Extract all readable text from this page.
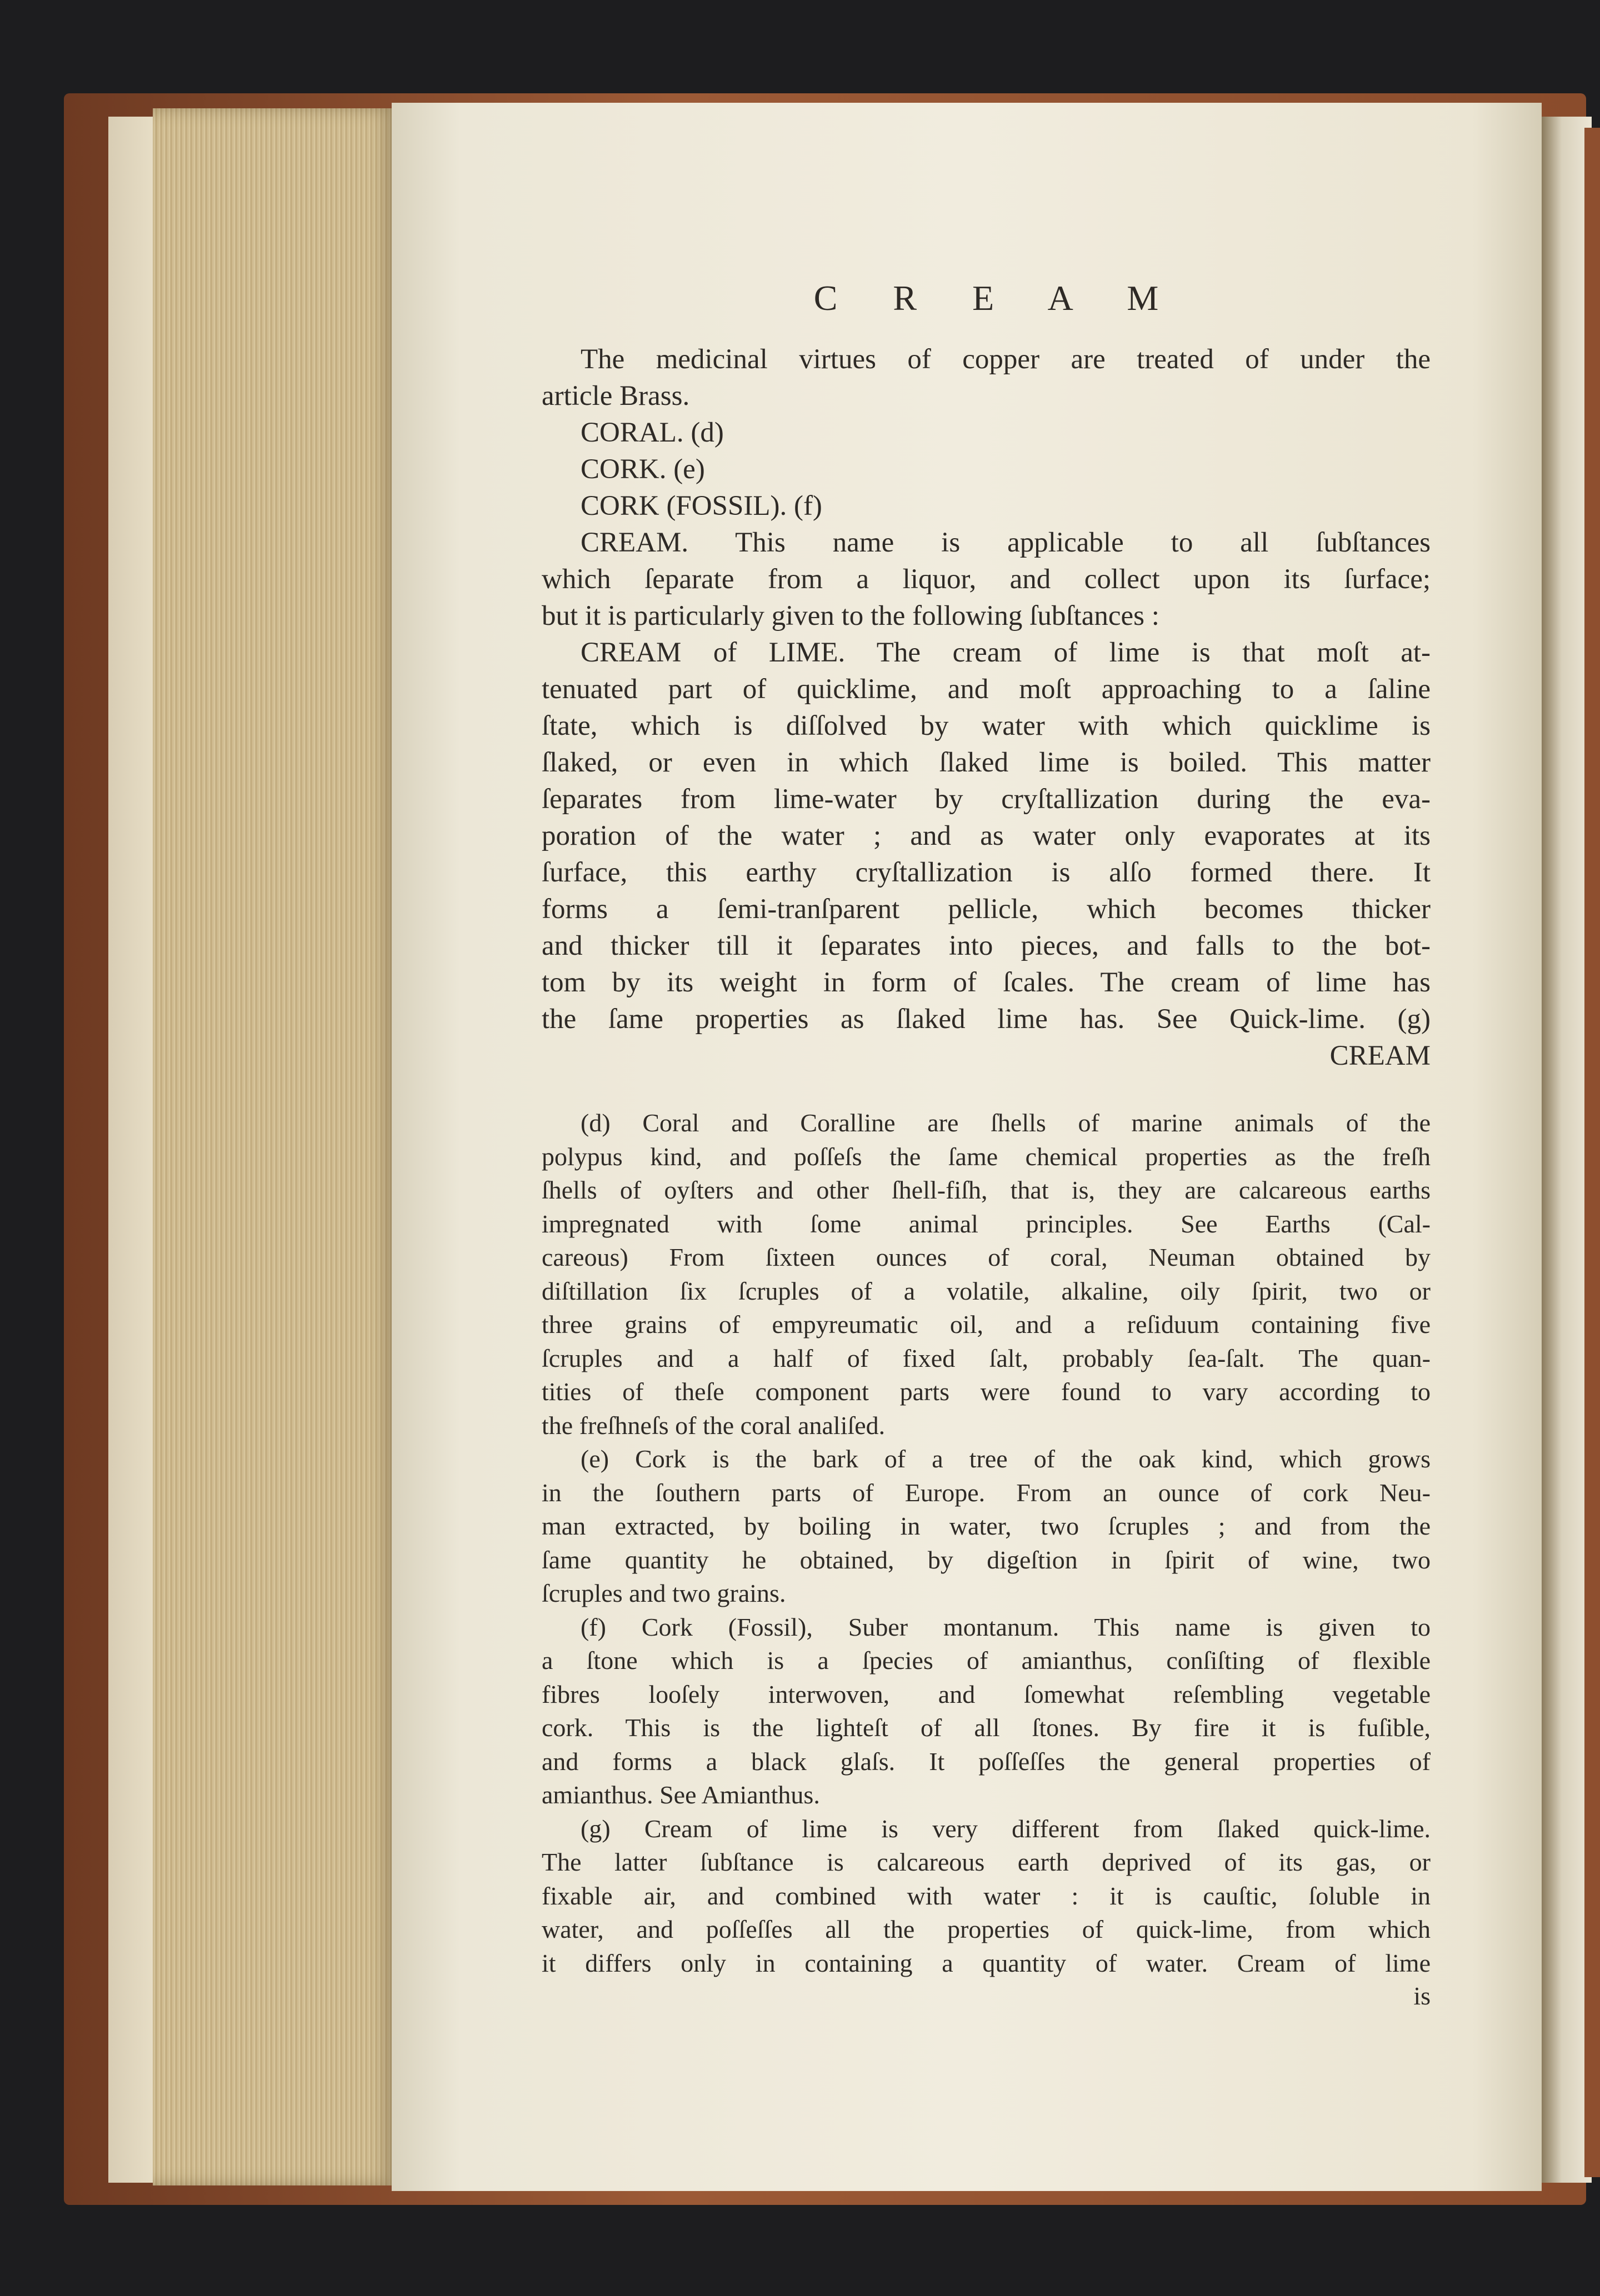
C R E A M
The medicinal virtues of copper are treated of under the
article Brass.
CORAL. (d)
CORK. (e)
CORK (FOSSIL). (f)
CREAM. This name is applicable to all ſubſtances
which ſeparate from a liquor, and collect upon its ſurface;
but it is particularly given to the following ſubſtances :
CREAM of LIME. The cream of lime is that moſt at-
tenuated part of quicklime, and moſt approaching to a ſaline
ſtate, which is diſſolved by water with which quicklime is
ſlaked, or even in which ſlaked lime is boiled. This matter
ſeparates from lime-water by cryſtallization during the eva-
poration of the water ; and as water only evaporates at its
ſurface, this earthy cryſtallization is alſo formed there. It
forms a ſemi-tranſparent pellicle, which becomes thicker
and thicker till it ſeparates into pieces, and falls to the bot-
tom by its weight in form of ſcales. The cream of lime has
the ſame properties as ſlaked lime has. See Quick-lime. (g)
CREAM
(d) Coral and Coralline are ſhells of marine animals of the
polypus kind, and poſſeſs the ſame chemical properties as the freſh
ſhells of oyſters and other ſhell-fiſh, that is, they are calcareous earths
impregnated with ſome animal principles. See Earths (Cal-
careous) From ſixteen ounces of coral, Neuman obtained by
diſtillation ſix ſcruples of a volatile, alkaline, oily ſpirit, two or
three grains of empyreumatic oil, and a reſiduum containing five
ſcruples and a half of fixed ſalt, probably ſea-ſalt. The quan-
tities of theſe component parts were found to vary according to
the freſhneſs of the coral analiſed.
(e) Cork is the bark of a tree of the oak kind, which grows
in the ſouthern parts of Europe. From an ounce of cork Neu-
man extracted, by boiling in water, two ſcruples ; and from the
ſame quantity he obtained, by digeſtion in ſpirit of wine, two
ſcruples and two grains.
(f) Cork (Fossil), Suber montanum. This name is given to
a ſtone which is a ſpecies of amianthus, conſiſting of flexible
fibres looſely interwoven, and ſomewhat reſembling vegetable
cork. This is the lighteſt of all ſtones. By fire it is fuſible,
and forms a black glaſs. It poſſeſſes the general properties of
amianthus. See Amianthus.
(g) Cream of lime is very different from ſlaked quick-lime.
The latter ſubſtance is calcareous earth deprived of its gas, or
fixable air, and combined with water : it is cauſtic, ſoluble in
water, and poſſeſſes all the properties of quick-lime, from which
it differs only in containing a quantity of water. Cream of lime
is
